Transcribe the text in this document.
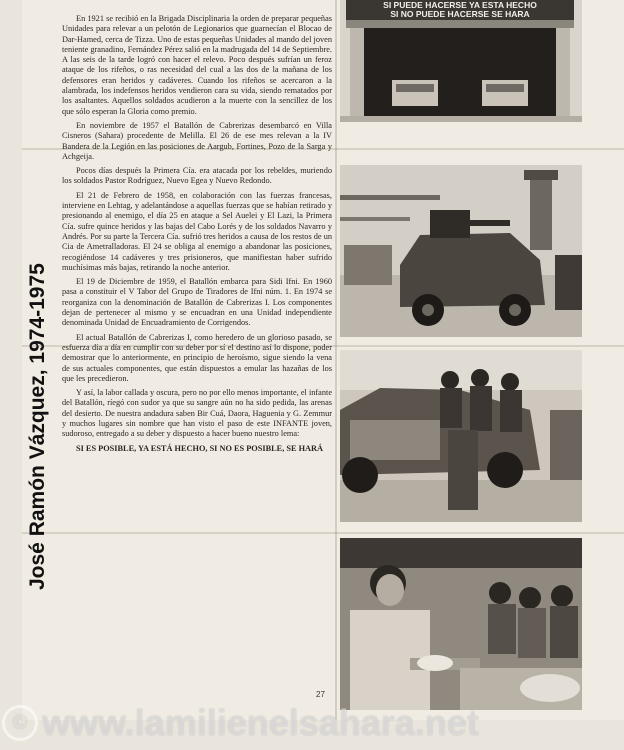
José Ramón Vázquez, 1974-1975

En 1921 se recibió en la Brigada Disciplinaria la orden de preparar pequeñas Unidades para relevar a un pelotón de Legionarios que guarnecían el Blocao de Dar-Hamed, cerca de Tizza. Uno de estas pequeñas Unidades al mando del joven teniente granadino, Fernández Pérez salió en la madrugada del 14 de Septiembre. A las seis de la tarde logró con hacer el relevo. Poco después sufrían un feroz ataque de los rifeños, o ras necesidad del cual a las dos de la mañana de los defensores eran heridos y cadáveres. Cuando los rifeños se acercaron a la alambrada, los indefensos heridos vendieron cara su vida, siendo rematados por los asaltantes. Aquellos soldados acudieron a la muerte con la sencillez de los que sólo esperan la Gloria como premio.

En noviembre de 1957 el Batallón de Cabrerizas desembarcó en Villa Cisneros (Sahara) procedente de Melilla. El 26 de ese mes relevan a la IV Bandera de la Legión en las posiciones de Aargub, Fortines, Pozo de la Sarga y Achgeija.

Pocos días después la Primera Cía. era atacada por los rebeldes, muriendo los soldados Pastor Rodríguez, Nuevo Egea y Nuevo Redondo.

El 21 de Febrero de 1958, en colaboración con las fuerzas francesas, interviene en Lehtag, y adelantándose a aquellas fuerzas que se habían retirado y presionando al enemigo, el día 25 en ataque a Sel Auelei y El Lazi, la Primera Cía. sufre quince heridos y las bajas del Cabo Lorés y de los soldados Navarro y Andrés. Por su parte la Tercera Cía. sufrió tres heridos a causa de los restos de un Cia de Ametralladoras. El 24 se obliga al enemigo a abandonar las posiciones, recogiéndose 14 cadáveres y tres prisioneros, que manifiestan haber sufrido muchísimas más bajas, retirando la noche anterior.

El 19 de Diciembre de 1959, el Batallón embarca para Sidi Ifni. En 1960 pasa a constituir el V Tabor del Grupo de Tiradores de Ifni núm. 1. En 1974 se reorganiza con la denominación de Batallón de Cabrerizas I. Los componentes dejan de pertenecer al mismo y se encuadran en una Unidad independiente denominada Unidad de Encuadramiento de Corrigendos.

El actual Batallón de Cabrerizas I, como heredero de un glorioso pasado, se esfuerza día a día en cumplir con su deber por sí el destino así lo dispone, poder demostrar que lo anteriormente, en principio de heroísmo, sigue siendo la vena de sus actuales componentes, que están dispuestos a emular las hazañas de los que les precedieron.

Y así, la labor callada y oscura, pero no por ello menos importante, el infante del Batallón, ríegó con sudor ya que su sangre aún no ha sido pedida, las arenas del desierto. De nuestra andadura saben Bir Cuá, Daora, Haguenia y G. Zemmur y muchos lugares sin nombre que han visto el paso de este INFANTE joven, sudoroso, entregado a su deber y dispuesto a hacer bueno nuestro lema:

SI ES POSIBLE, YA ESTÁ HECHO, SI NO ES POSIBLE, SE HARÁ

27
SI PUEDE HACERSE YA ESTA HECHO
SI NO PUEDE HACERSE SE HARA
© www.lamilienelsahara.net
